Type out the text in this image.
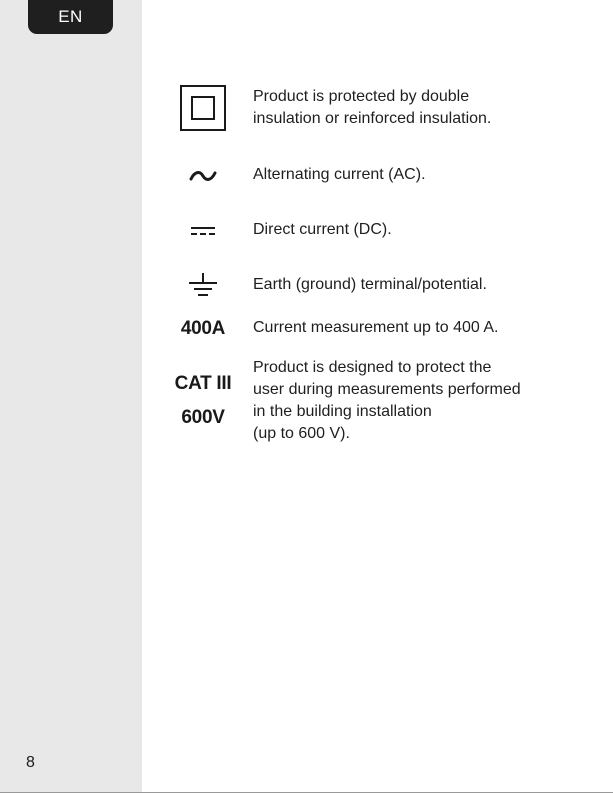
EN
8
Product is protected by double
insulation or reinforced insulation.
Alternating current (AC).
Direct current (DC).
Earth (ground) terminal/potential.
400A Current measurement up to 400 A.
CAT III
600V
Product is designed to protect the
user during measurements performed
in the building installation
(up to 600 V).
